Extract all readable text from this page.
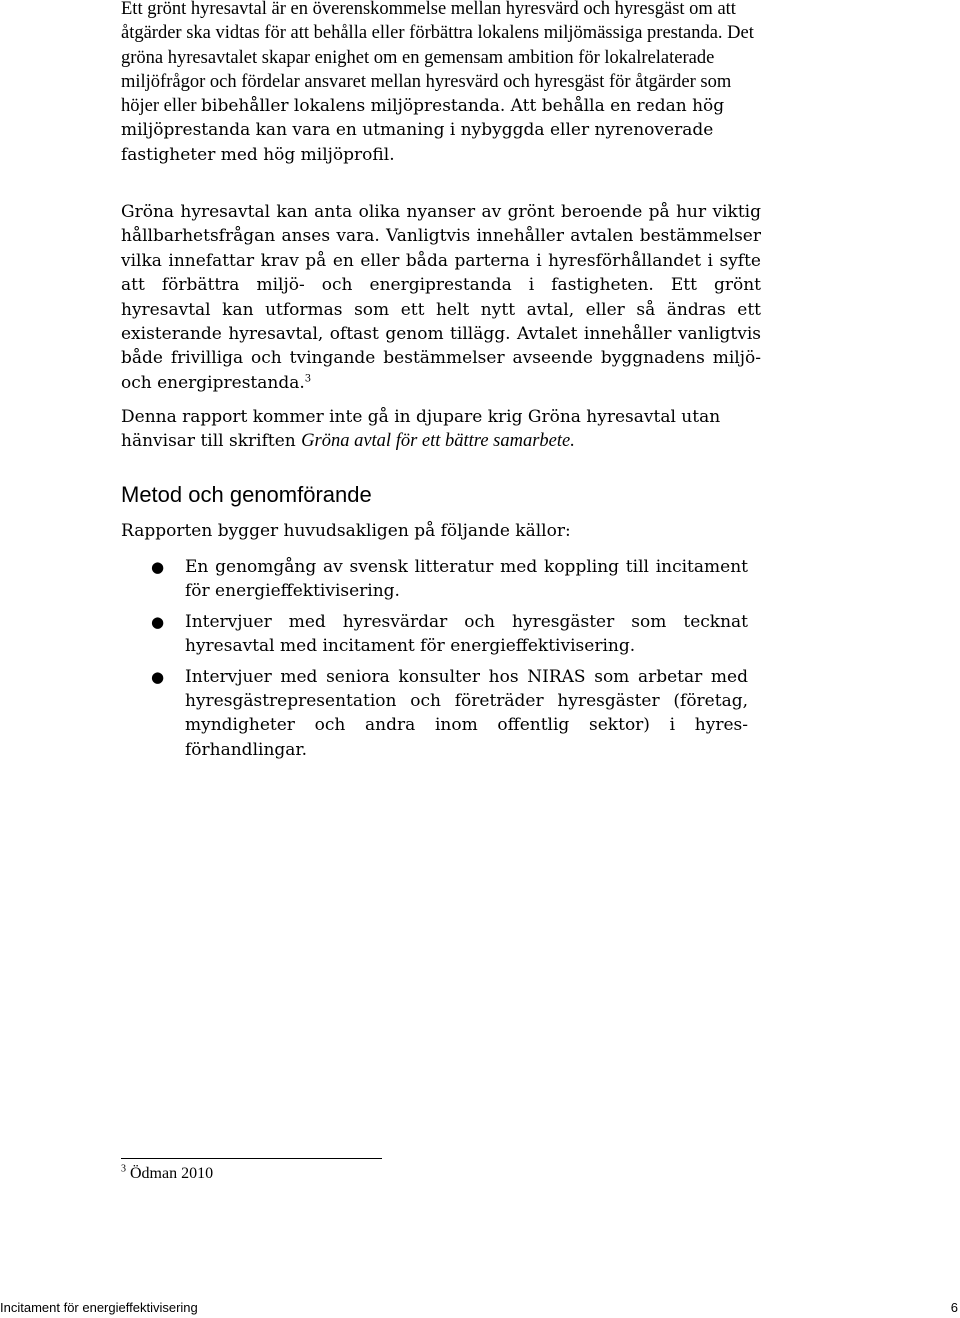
Ett grönt hyresavtal är en överenskommelse mellan hyresvärd och hyresgäst om att åtgärder ska vidtas för att behålla eller förbättra lokalens miljömässiga prestanda. Det gröna hyresavtalet skapar enighet om en gemensam ambition för lokalrelaterade miljöfrågor och fördelar ansvaret mellan hyresvärd och hyresgäst för åtgärder som höjer eller bibehåller lokalens miljöprestanda. Att behålla en redan hög miljöprestanda kan vara en utmaning i nybyggda eller nyrenoverade fastigheter med hög miljöprofil.

Gröna hyresavtal kan anta olika nyanser av grönt beroende på hur viktig hållbarhetsfrågan anses vara. Vanligtvis innehåller avtalen bestämmelser vilka innefattar krav på en eller båda parterna i hyresförhållandet i syfte att förbättra miljö- och energiprestanda i fastigheten. Ett grönt hyresavtal kan utformas som ett helt nytt avtal, eller så ändras ett existerande hyresavtal, oftast genom tillägg. Avtalet innehåller vanligtvis både frivilliga och tvingande bestämmelser avseende byggnadens miljö- och energiprestanda.$^3$

Denna rapport kommer inte gå in djupare krig Gröna hyresavtal utan hänvisar till skriften Gröna avtal för ett bättre samarbete.

Metod och genomförande

Rapporten bygger huvudsakligen på följande källor:

● En genomgång av svensk litteratur med koppling till incitament för energieffektivisering.
● Intervjuer med hyresvärdar och hyresgäster som tecknat hyresavtal med incitament för energieffektivisering.
● Intervjuer med seniora konsulter hos NIRAS som arbetar med hyresgästrepresentation och företräder hyresgäster (företag, myndigheter och andra inom offentlig sektor) i hyres- förhandlingar.
$^3$ Ödman 2010
Incitament för energieffektivisering	6
